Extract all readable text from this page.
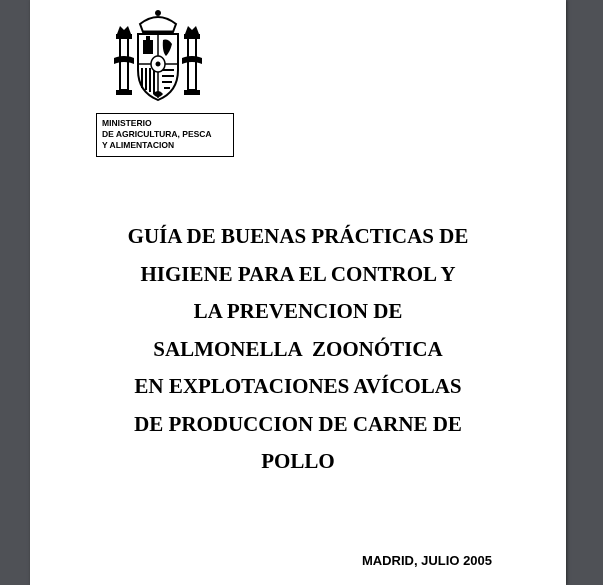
MINISTERIO
DE AGRICULTURA, PESCA
Y ALIMENTACION
GUÍA DE BUENAS PRÁCTICAS DE
HIGIENE PARA EL CONTROL Y
LA PREVENCION DE
SALMONELLA  ZOONÓTICA
EN EXPLOTACIONES AVÍCOLAS
DE PRODUCCION DE CARNE DE
POLLO
MADRID, JULIO 2005
